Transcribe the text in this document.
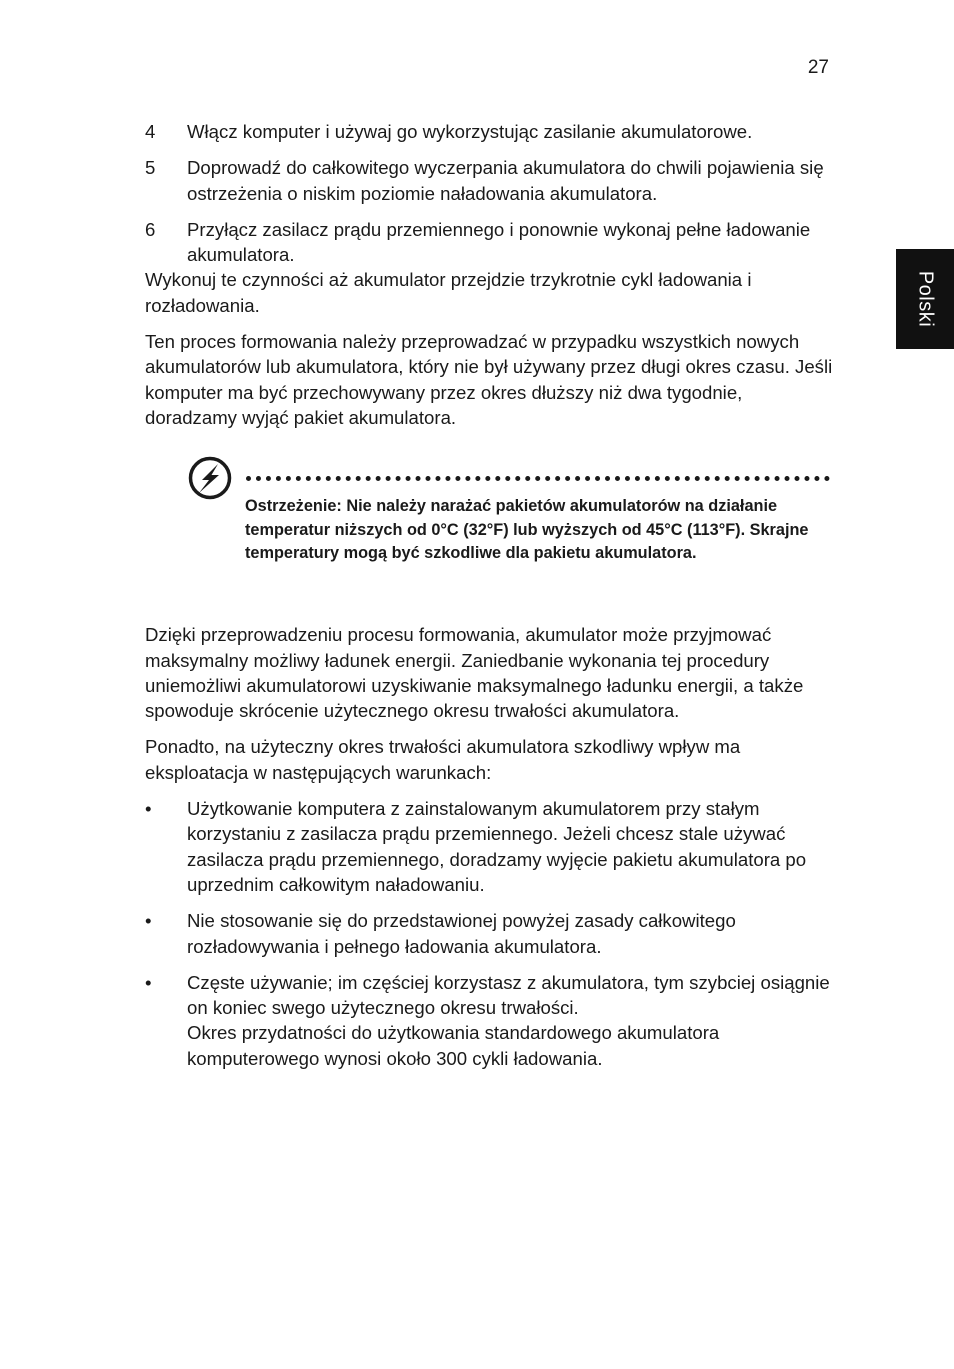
27
Polski
4 Włącz komputer i używaj go wykorzystując zasilanie akumulatorowe.
5 Doprowadź do całkowitego wyczerpania akumulatora do chwili pojawienia się ostrzeżenia o niskim poziomie naładowania akumulatora.
6 Przyłącz zasilacz prądu przemiennego i ponownie wykonaj pełne ładowanie akumulatora.

Wykonuj te czynności aż akumulator przejdzie trzykrotnie cykl ładowania i rozładowania.

Ten proces formowania należy przeprowadzać w przypadku wszystkich nowych akumulatorów lub akumulatora, który nie był używany przez długi okres czasu. Jeśli komputer ma być przechowywany przez okres dłuższy niż dwa tygodnie, doradzamy wyjąć pakiet akumulatora.

Ostrzeżenie: Nie należy narażać pakietów akumulatorów na działanie temperatur niższych od 0°C (32°F) lub wyższych od 45°C (113°F). Skrajne temperatury mogą być szkodliwe dla pakietu akumulatora.

Dzięki przeprowadzeniu procesu formowania, akumulator może przyjmować maksymalny możliwy ładunek energii. Zaniedbanie wykonania tej procedury uniemożliwi akumulatorowi uzyskiwanie maksymalnego ładunku energii, a także spowoduje skrócenie użytecznego okresu trwałości akumulatora.

Ponadto, na użyteczny okres trwałości akumulatora szkodliwy wpływ ma eksploatacja w następujących warunkach:

• Użytkowanie komputera z zainstalowanym akumulatorem przy stałym korzystaniu z zasilacza prądu przemiennego. Jeżeli chcesz stale używać zasilacza prądu przemiennego, doradzamy wyjęcie pakietu akumulatora po uprzednim całkowitym naładowaniu.
• Nie stosowanie się do przedstawionej powyżej zasady całkowitego rozładowywania i pełnego ładowania akumulatora.
• Częste używanie; im częściej korzystasz z akumulatora, tym szybciej osiągnie on koniec swego użytecznego okresu trwałości.
Okres przydatności do użytkowania standardowego akumulatora komputerowego wynosi około 300 cykli ładowania.
